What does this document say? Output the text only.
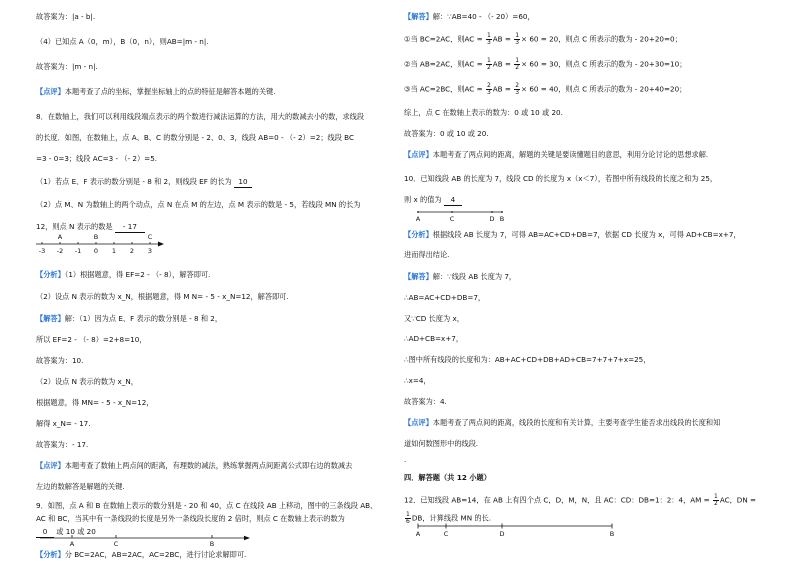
故答案为：|a - b|.
（4）已知点 A（0，m），B（0，n），则AB=|m - n|.
故答案为：|m - n|.
【点评】本题考查了点的坐标，掌握坐标轴上的点的特征是解答本题的关键.
8．在数轴上，我们可以利用线段端点表示的两个数进行减法运算的方法，用大的数减去小的数，求线段
的长度．如图，在数轴上，点 A、B、C 的数分别是 - 2、0、3，线段 AB=0 - （- 2）=2；线段 BC
=3 - 0=3；线段 AC=3 - （- 2）=5.
（1）若点 E、F 表示的数分别是 - 8 和 2，则线段 EF 的长为 10
（2）点 M、N 为数轴上的两个动点，点 N 在点 M 的左边，点 M 表示的数是 - 5，若线段 MN 的长为
12，则点 N 表示的数是 - 17
-3 -2 -1 0 1 2 3
A	B	C
【分析】（1）根据题意，得 EF=2 - （- 8），解答即可.
（2）设点 N 表示的数为 x_N，根据题意，得 M N= - 5 - x_N=12，解答即可.
【解答】解：（1）因为点 E、F 表示的数分别是 - 8 和 2，
所以 EF=2 - （- 8）=2+8=10，
故答案为：10.
（2）设点 N 表示的数为 x_N，
根据题意，得 MN= - 5 - x_N=12，
解得 x_N= - 17.
故答案为：- 17.
【点评】本题考查了数轴上两点间的距离，有理数的减法，熟练掌握两点间距离公式即右边的数减去
左边的数解答是解题的关键.
9．如图，点 A 和 B 在数轴上表示的数分别是 - 20 和 40，点 C 在线段 AB 上移动，图中的三条线段 AB、
AC 和 BC，当其中有一条线段的长度是另外一条线段长度的 2 倍时，则点 C 在数轴上表示的数为
0 或 10 或 20
A	C	B
【分析】分 BC=2AC，AB=2AC，AC=2BC，进行讨论求解即可.
【解答】解：∵AB=40 - （- 20）=60，
①当 BC=2AC，则AC = $\frac{1}{3}$ AB = $\frac{1}{3} \times 60 = 20$，则点 C 所表示的数为 - 20+20=0；
②当 AB=2AC，则AC = $\frac{1}{2}$ AB = $\frac{1}{2} \times 60 = 30$，则点 C 所表示的数为 - 20+30=10；
③当 AC=2BC，则AC = $\frac{2}{3}$ AB = $\frac{2}{3} \times 60 = 40$，则点 C 所表示的数为 - 20+40=20；
综上，点 C 在数轴上表示的数为：0 或 10 或 20.
故答案为：0 或 10 或 20.
【点评】本题考查了两点间的距离，解题的关键是要读懂题目的意思，利用分论讨论的思想求解.
10．已知线段 AB 的长度为 7，线段 CD 的长度为 x（x＜7），若图中所有线段的长度之和为 25，
则 x 的值为 4
A	C	D B
【分析】根据线段 AB 长度为 7，可得 AB=AC+CD+DB=7，依据 CD 长度为 x，可得 AD+CB=x+7，
进而得出结论.
【解答】解：∵线段 AB 长度为 7，
∴AB=AC+CD+DB=7，
又∵CD 长度为 x，
∴AD+CB=x+7，
∴图中所有线段的长度和为：AB+AC+CD+DB+AD+CB=7+7+7+x=25，
∴x=4，
故答案为：4.
【点评】本题考查了两点间的距离，线段的长度和有关计算，主要考查学生能否求出线段的长度和知
道如何数图形中的线段.
.
四．解答题（共 12 小题）
12．已知线段 AB=14，在 AB 上有四个点 C，D，M，N，且 AC：CD：DB=1：2：4，AM = $\frac{1}{2}$ AC，DN =
$\frac{1}{6}$ DB，计算线段 MN 的长.
A	C	D	B
